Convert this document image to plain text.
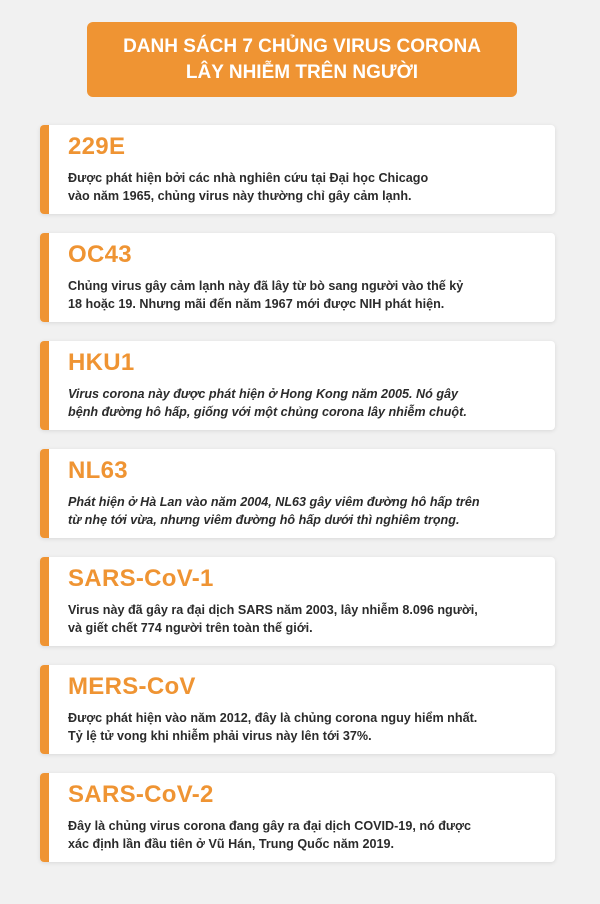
DANH SÁCH 7 CHỦNG VIRUS CORONA
LÂY NHIỄM TRÊN NGƯỜI
229E
Được phát hiện bởi các nhà nghiên cứu tại Đại học Chicago
vào năm 1965, chủng virus này thường chỉ gây cảm lạnh.
OC43
Chủng virus gây cảm lạnh này đã lây từ bò sang người vào thế kỷ
18 hoặc 19. Nhưng mãi đến năm 1967 mới được NIH phát hiện.
HKU1
Virus corona này được phát hiện ở Hong Kong năm 2005. Nó gây
bệnh đường hô hấp, giống với một chủng corona lây nhiễm chuột.
NL63
Phát hiện ở Hà Lan vào năm 2004, NL63 gây viêm đường hô hấp trên
từ nhẹ tới vừa, nhưng viêm đường hô hấp dưới thì nghiêm trọng.
SARS-CoV-1
Virus này đã gây ra đại dịch SARS năm 2003, lây nhiễm 8.096 người,
và giết chết 774 người trên toàn thế giới.
MERS-CoV
Được phát hiện vào năm 2012, đây là chủng corona nguy hiểm nhất.
Tỷ lệ tử vong khi nhiễm phải virus này lên tới 37%.
SARS-CoV-2
Đây là chủng virus corona đang gây ra đại dịch COVID-19, nó được
xác định lần đầu tiên ở Vũ Hán, Trung Quốc năm 2019.
